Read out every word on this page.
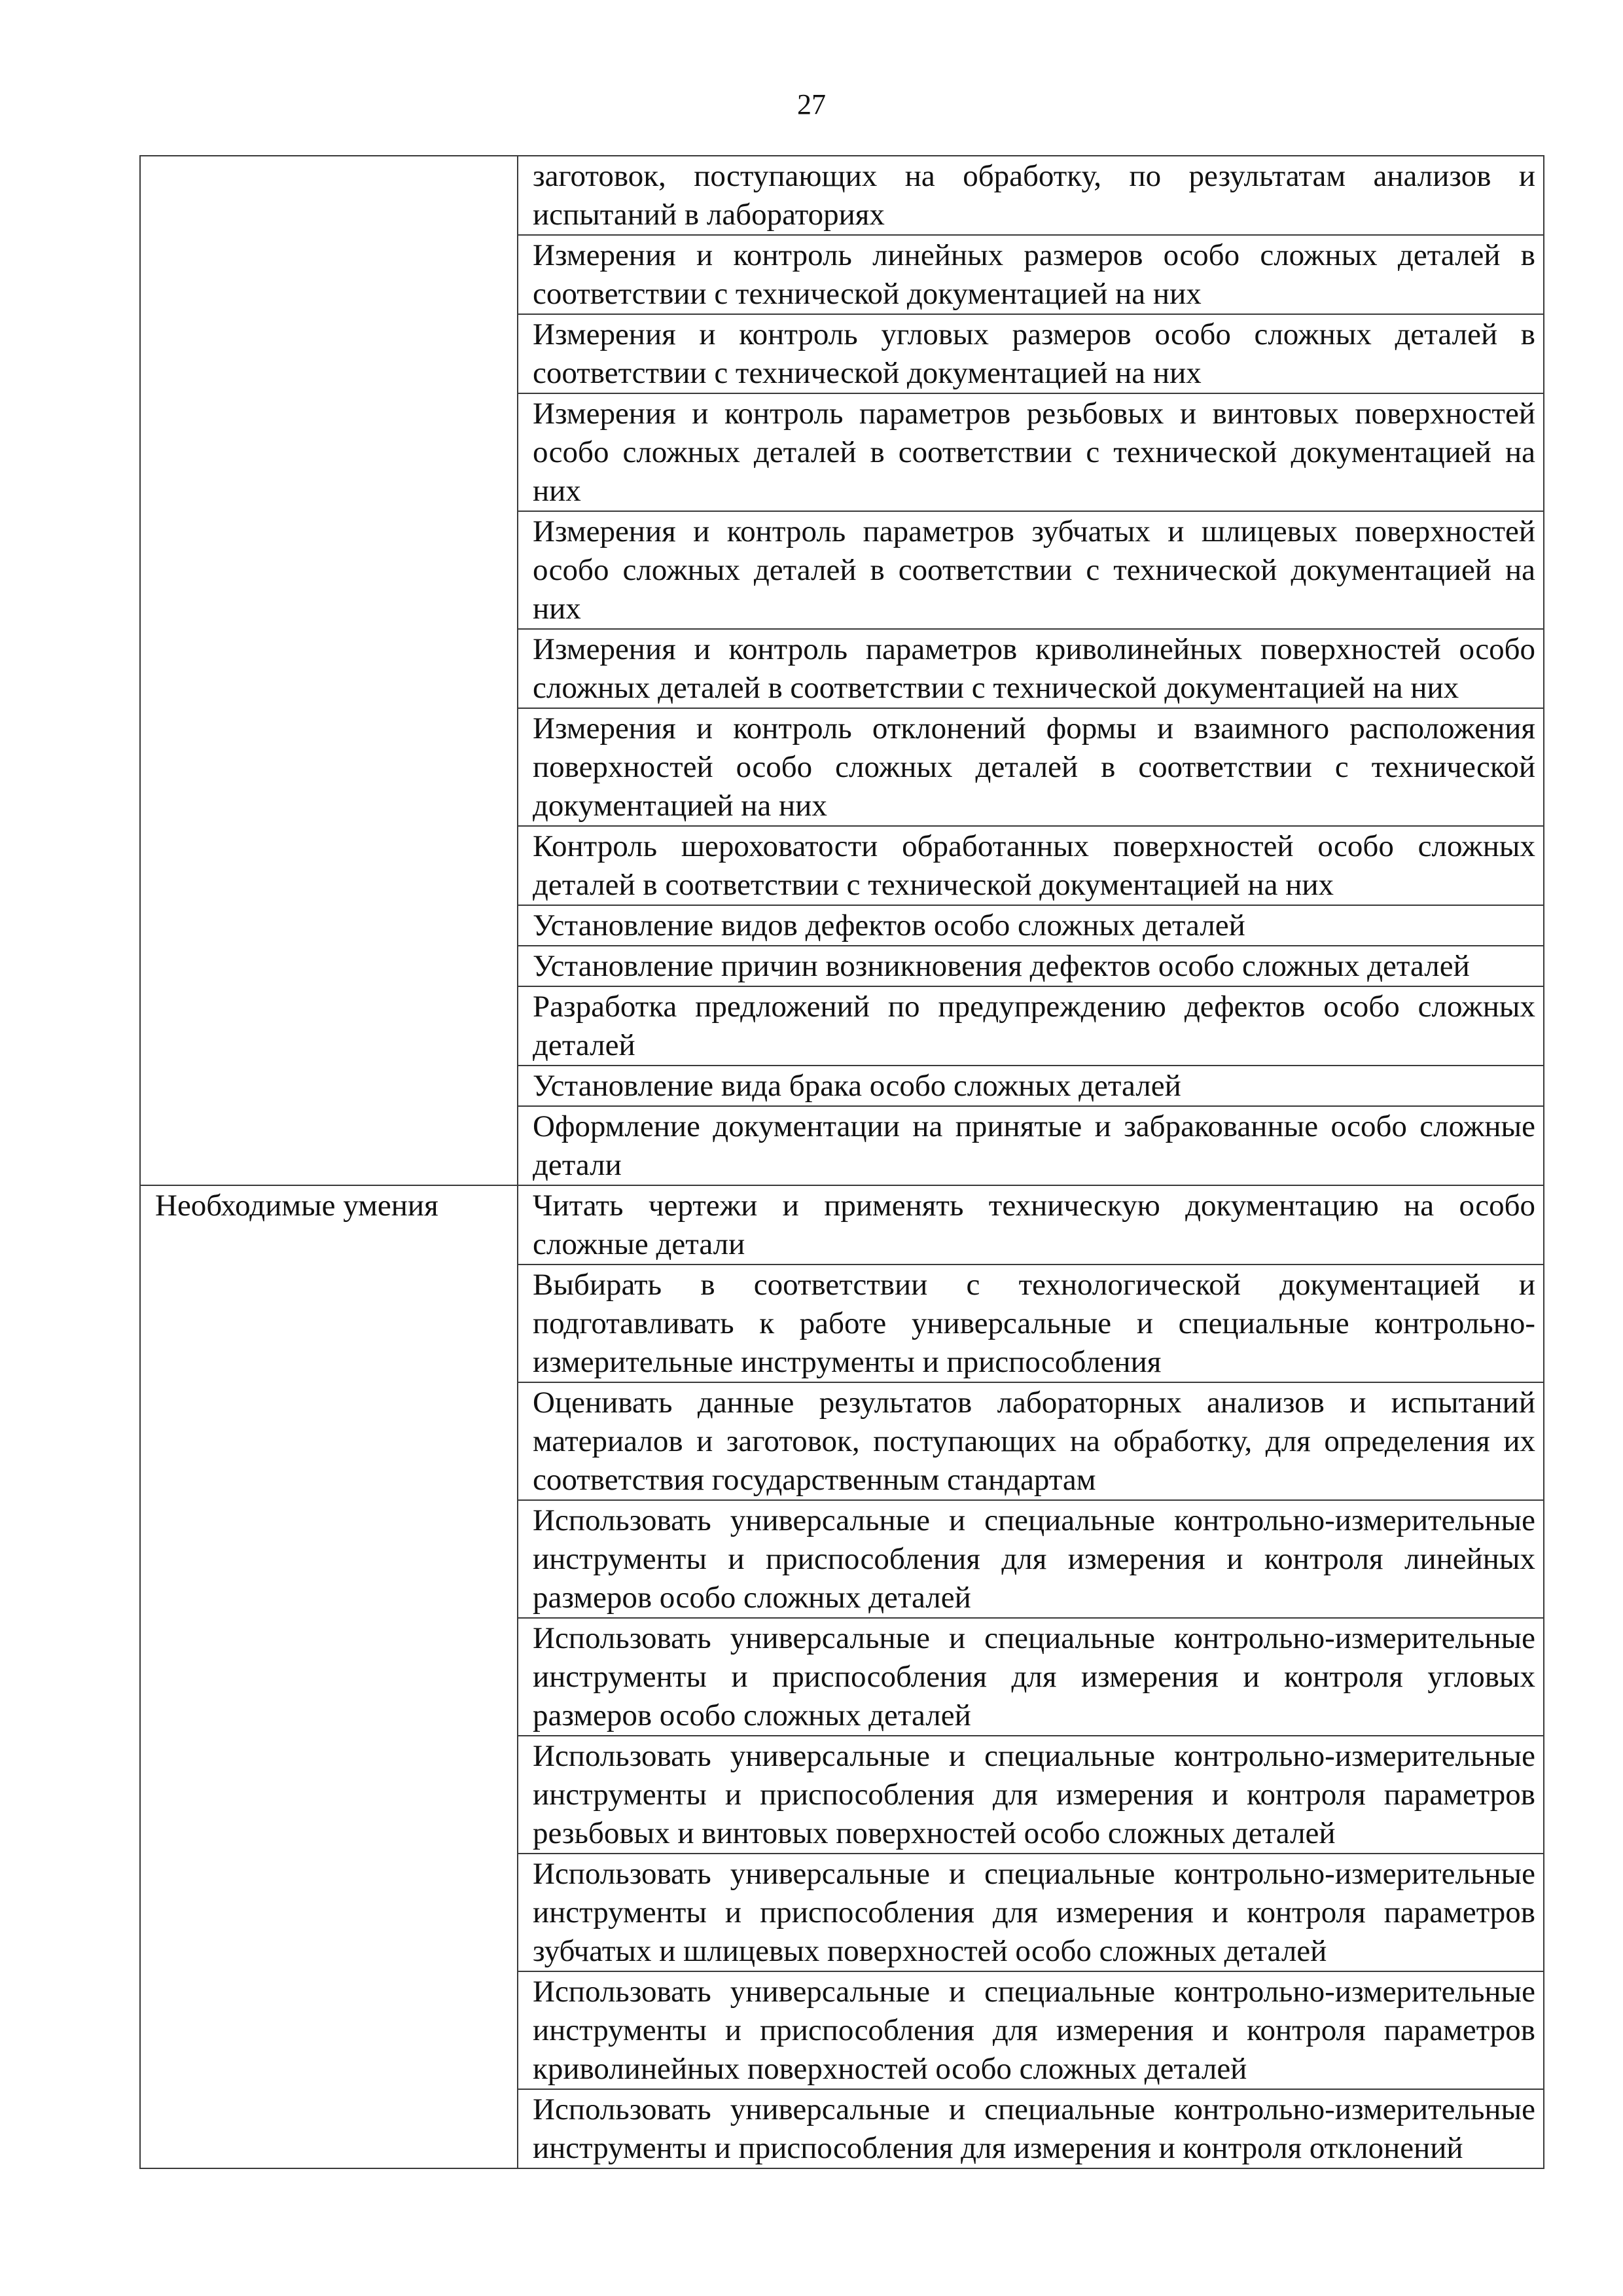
27

	заготовок, поступающих на обработку, по результатам анализов и испытаний в лабораториях

	Измерения и контроль линейных размеров особо сложных деталей в соответствии с технической документацией на них

	Измерения и контроль угловых размеров особо сложных деталей в соответствии с технической документацией на них

	Измерения и контроль параметров резьбовых и винтовых поверхностей особо сложных деталей в соответствии с технической документацией на них

	Измерения и контроль параметров зубчатых и шлицевых поверхностей особо сложных деталей в соответствии с технической документацией на них

	Измерения и контроль параметров криволинейных поверхностей особо сложных деталей в соответствии с технической документацией на них

	Измерения и контроль отклонений формы и взаимного расположения поверхностей особо сложных деталей в соответствии с технической документацией на них

	Контроль шероховатости обработанных поверхностей особо сложных деталей в соответствии с технической документацией на них

	Установление видов дефектов особо сложных деталей

	Установление причин возникновения дефектов особо сложных деталей

	Разработка предложений по предупреждению дефектов особо сложных деталей

	Установление вида брака особо сложных деталей

	Оформление документации на принятые и забракованные особо сложные детали

Необходимые умения	Читать чертежи и применять техническую документацию на особо сложные детали

	Выбирать в соответствии с технологической документацией и подготавливать к работе универсальные и специальные контрольно-измерительные инструменты и приспособления

	Оценивать данные результатов лабораторных анализов и испытаний материалов и заготовок, поступающих на обработку, для определения их соответствия государственным стандартам

	Использовать универсальные и специальные контрольно-измерительные инструменты и приспособления для измерения и контроля линейных размеров особо сложных деталей

	Использовать универсальные и специальные контрольно-измерительные инструменты и приспособления для измерения и контроля угловых размеров особо сложных деталей

	Использовать универсальные и специальные контрольно-измерительные инструменты и приспособления для измерения и контроля параметров резьбовых и винтовых поверхностей особо сложных деталей

	Использовать универсальные и специальные контрольно-измерительные инструменты и приспособления для измерения и контроля параметров зубчатых и шлицевых поверхностей особо сложных деталей

	Использовать универсальные и специальные контрольно-измерительные инструменты и приспособления для измерения и контроля параметров криволинейных поверхностей особо сложных деталей

	Использовать универсальные и специальные контрольно-измерительные инструменты и приспособления для измерения и контроля отклонений
